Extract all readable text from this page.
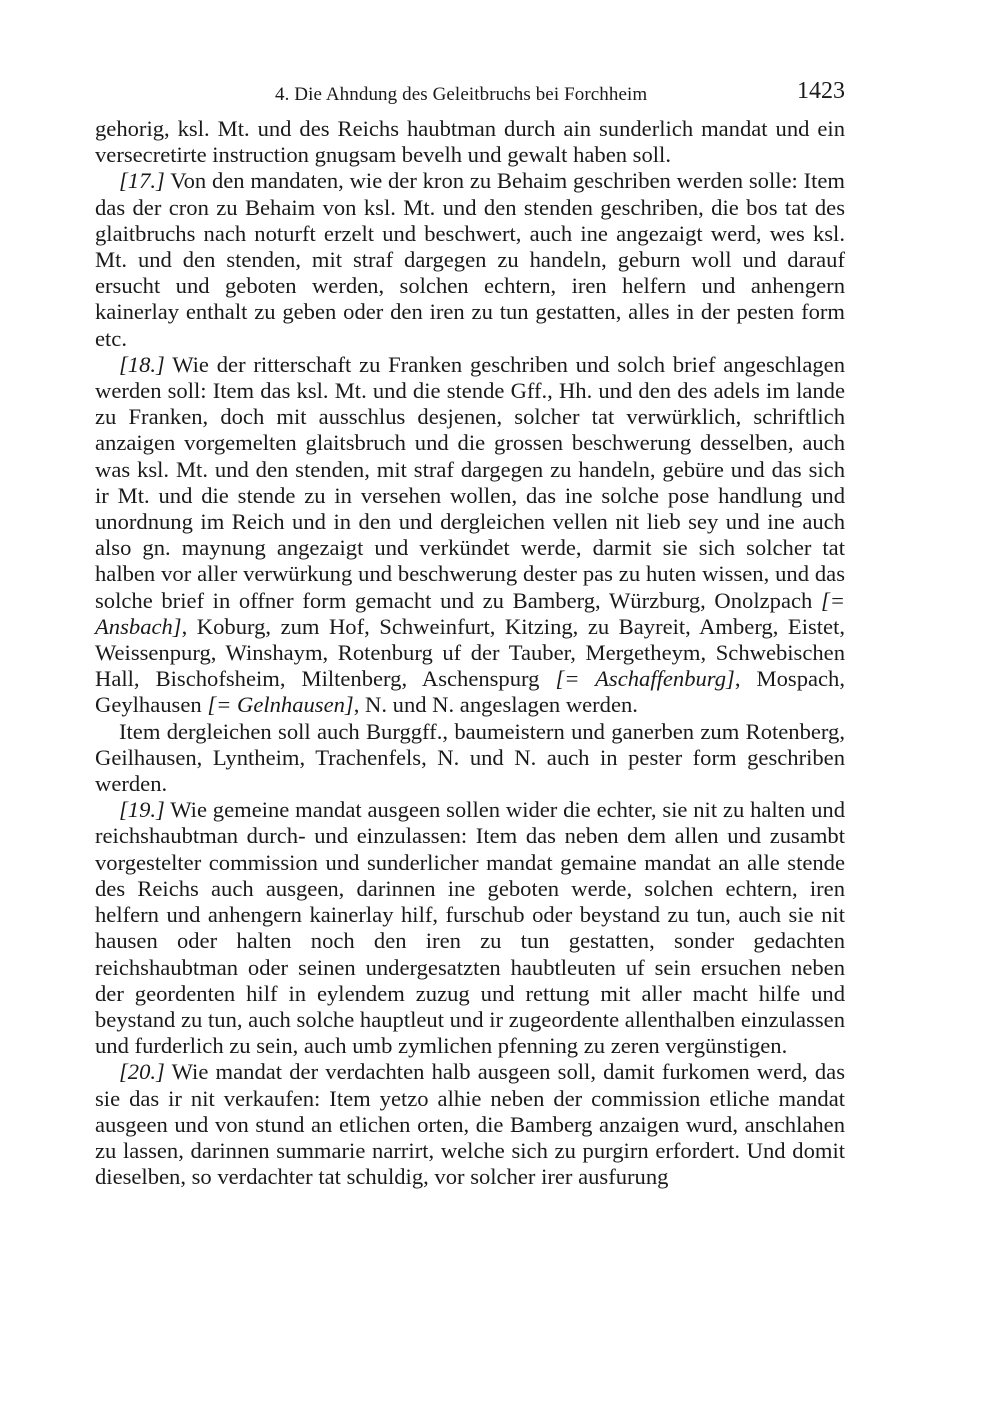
4. Die Ahndung des Geleitbruchs bei Forchheim	1423

gehorig, ksl. Mt. und des Reichs haubtman durch ain sunderlich mandat und ein versecretirte instruction gnugsam bevelh und gewalt haben soll.

[17.] Von den mandaten, wie der kron zu Behaim geschriben werden solle: Item das der cron zu Behaim von ksl. Mt. und den stenden geschriben, die bos tat des glaitbruchs nach noturft erzelt und beschwert, auch ine angezaigt werd, wes ksl. Mt. und den stenden, mit straf dargegen zu handeln, geburn woll und darauf ersucht und geboten werden, solchen echtern, iren helfern und anhengern kainerlay enthalt zu geben oder den iren zu tun gestatten, alles in der pesten form etc.

[18.] Wie der ritterschaft zu Franken geschriben und solch brief angeschlagen werden soll: Item das ksl. Mt. und die stende Gff., Hh. und den des adels im lande zu Franken, doch mit ausschlus desjenen, solcher tat verwürklich, schriftlich anzaigen vorgemelten glaitsbruch und die grossen beschwerung desselben, auch was ksl. Mt. und den stenden, mit straf dargegen zu handeln, gebüre und das sich ir Mt. und die stende zu in versehen wollen, das ine solche pose handlung und unordnung im Reich und in den und dergleichen vellen nit lieb sey und ine auch also gn. maynung angezaigt und verkündet werde, darmit sie sich solcher tat halben vor aller verwürkung und beschwerung dester pas zu huten wissen, und das solche brief in offner form gemacht und zu Bamberg, Würzburg, Onolzpach [= Ansbach], Koburg, zum Hof, Schweinfurt, Kitzing, zu Bayreit, Amberg, Eistet, Weissenpurg, Winshaym, Rotenburg uf der Tauber, Mergetheym, Schwebischen Hall, Bischofsheim, Miltenberg, Aschenspurg [= Aschaffenburg], Mospach, Geylhausen [= Gelnhausen], N. und N. angeslagen werden.

Item dergleichen soll auch Burggff., baumeistern und ganerben zum Rotenberg, Geilhausen, Lyntheim, Trachenfels, N. und N. auch in pester form geschriben werden.

[19.] Wie gemeine mandat ausgeen sollen wider die echter, sie nit zu halten und reichshaubtman durch- und einzulassen: Item das neben dem allen und zusambt vorgestelter commission und sunderlicher mandat gemaine mandat an alle stende des Reichs auch ausgeen, darinnen ine geboten werde, solchen echtern, iren helfern und anhengern kainerlay hilf, furschub oder beystand zu tun, auch sie nit hausen oder halten noch den iren zu tun gestatten, sonder gedachten reichshaubtman oder seinen undergesatzten haubtleuten uf sein ersuchen neben der geordenten hilf in eylendem zuzug und rettung mit aller macht hilfe und beystand zu tun, auch solche hauptleut und ir zugeordente allenthalben einzulassen und furderlich zu sein, auch umb zymlichen pfenning zu zeren vergünstigen.

[20.] Wie mandat der verdachten halb ausgeen soll, damit furkomen werd, das sie das ir nit verkaufen: Item yetzo alhie neben der commission etliche mandat ausgeen und von stund an etlichen orten, die Bamberg anzaigen wurd, anschlahen zu lassen, darinnen summarie narrirt, welche sich zu purgirn erfordert. Und domit dieselben, so verdachter tat schuldig, vor solcher irer ausfurung
